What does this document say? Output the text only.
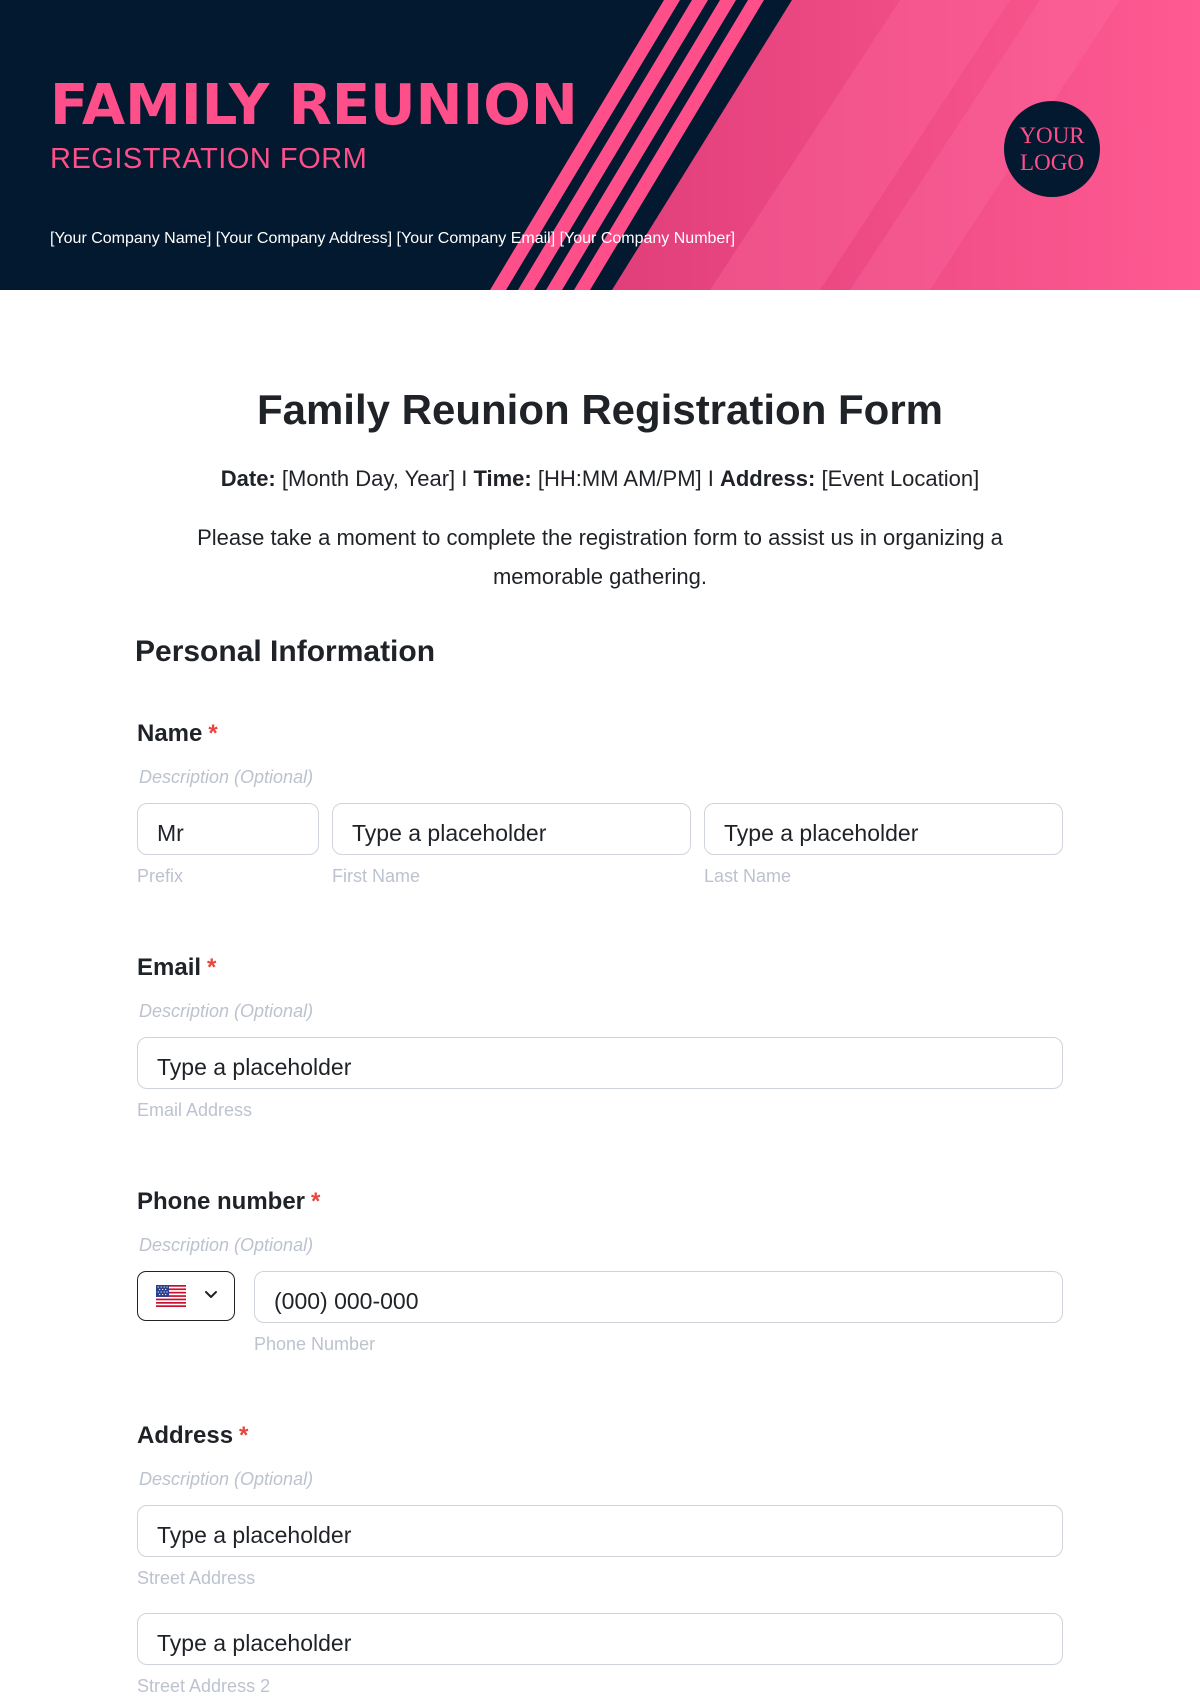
FAMILY REUNION
REGISTRATION FORM
[Your Company Name] [Your Company Address] [Your Company Email] [Your Company Number]
YOUR
LOGO
Family Reunion Registration Form
Date: [Month Day, Year] I Time: [HH:MM AM/PM] I Address: [Event Location]
Please take a moment to complete the registration form to assist us in organizing a memorable gathering.
Personal Information
Name *
Description (Optional)
Mr
Prefix
Type a placeholder
First Name
Type a placeholder
Last Name
Email *
Description (Optional)
Type a placeholder
Email Address
Phone number *
Description (Optional)
(000) 000-000
Phone Number
Address *
Description (Optional)
Type a placeholder
Street Address
Type a placeholder
Street Address 2
